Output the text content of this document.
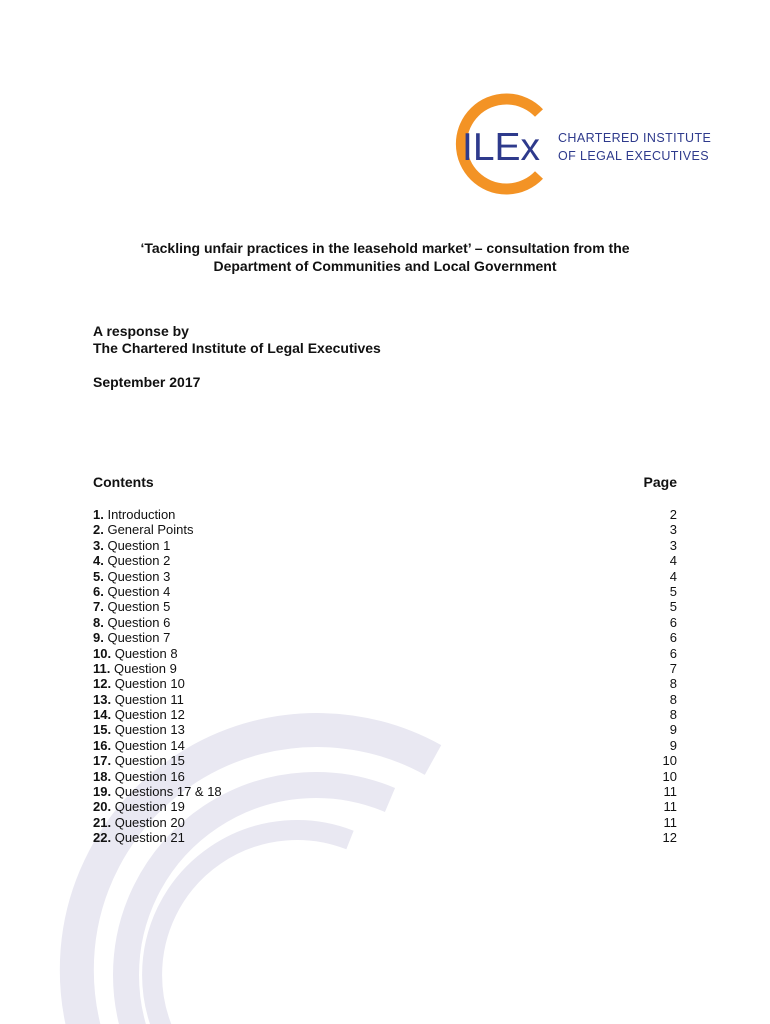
ILEx CHARTERED INSTITUTE
OF LEGAL EXECUTIVES
‘Tackling unfair practices in the leasehold market’ – consultation from the
Department of Communities and Local Government
A response by
The Chartered Institute of Legal Executives
September 2017
Contents	Page
1. Introduction	2
2. General Points	3
3. Question 1	3
4. Question 2	4
5. Question 3	4
6. Question 4	5
7. Question 5	5
8. Question 6	6
9. Question 7	6
10. Question 8	6
11. Question 9	7
12. Question 10	8
13. Question 11	8
14. Question 12	8
15. Question 13	9
16. Question 14	9
17. Question 15	10
18. Question 16	10
19. Questions 17 & 18	11
20. Question 19	11
21. Question 20	11
22. Question 21	12
